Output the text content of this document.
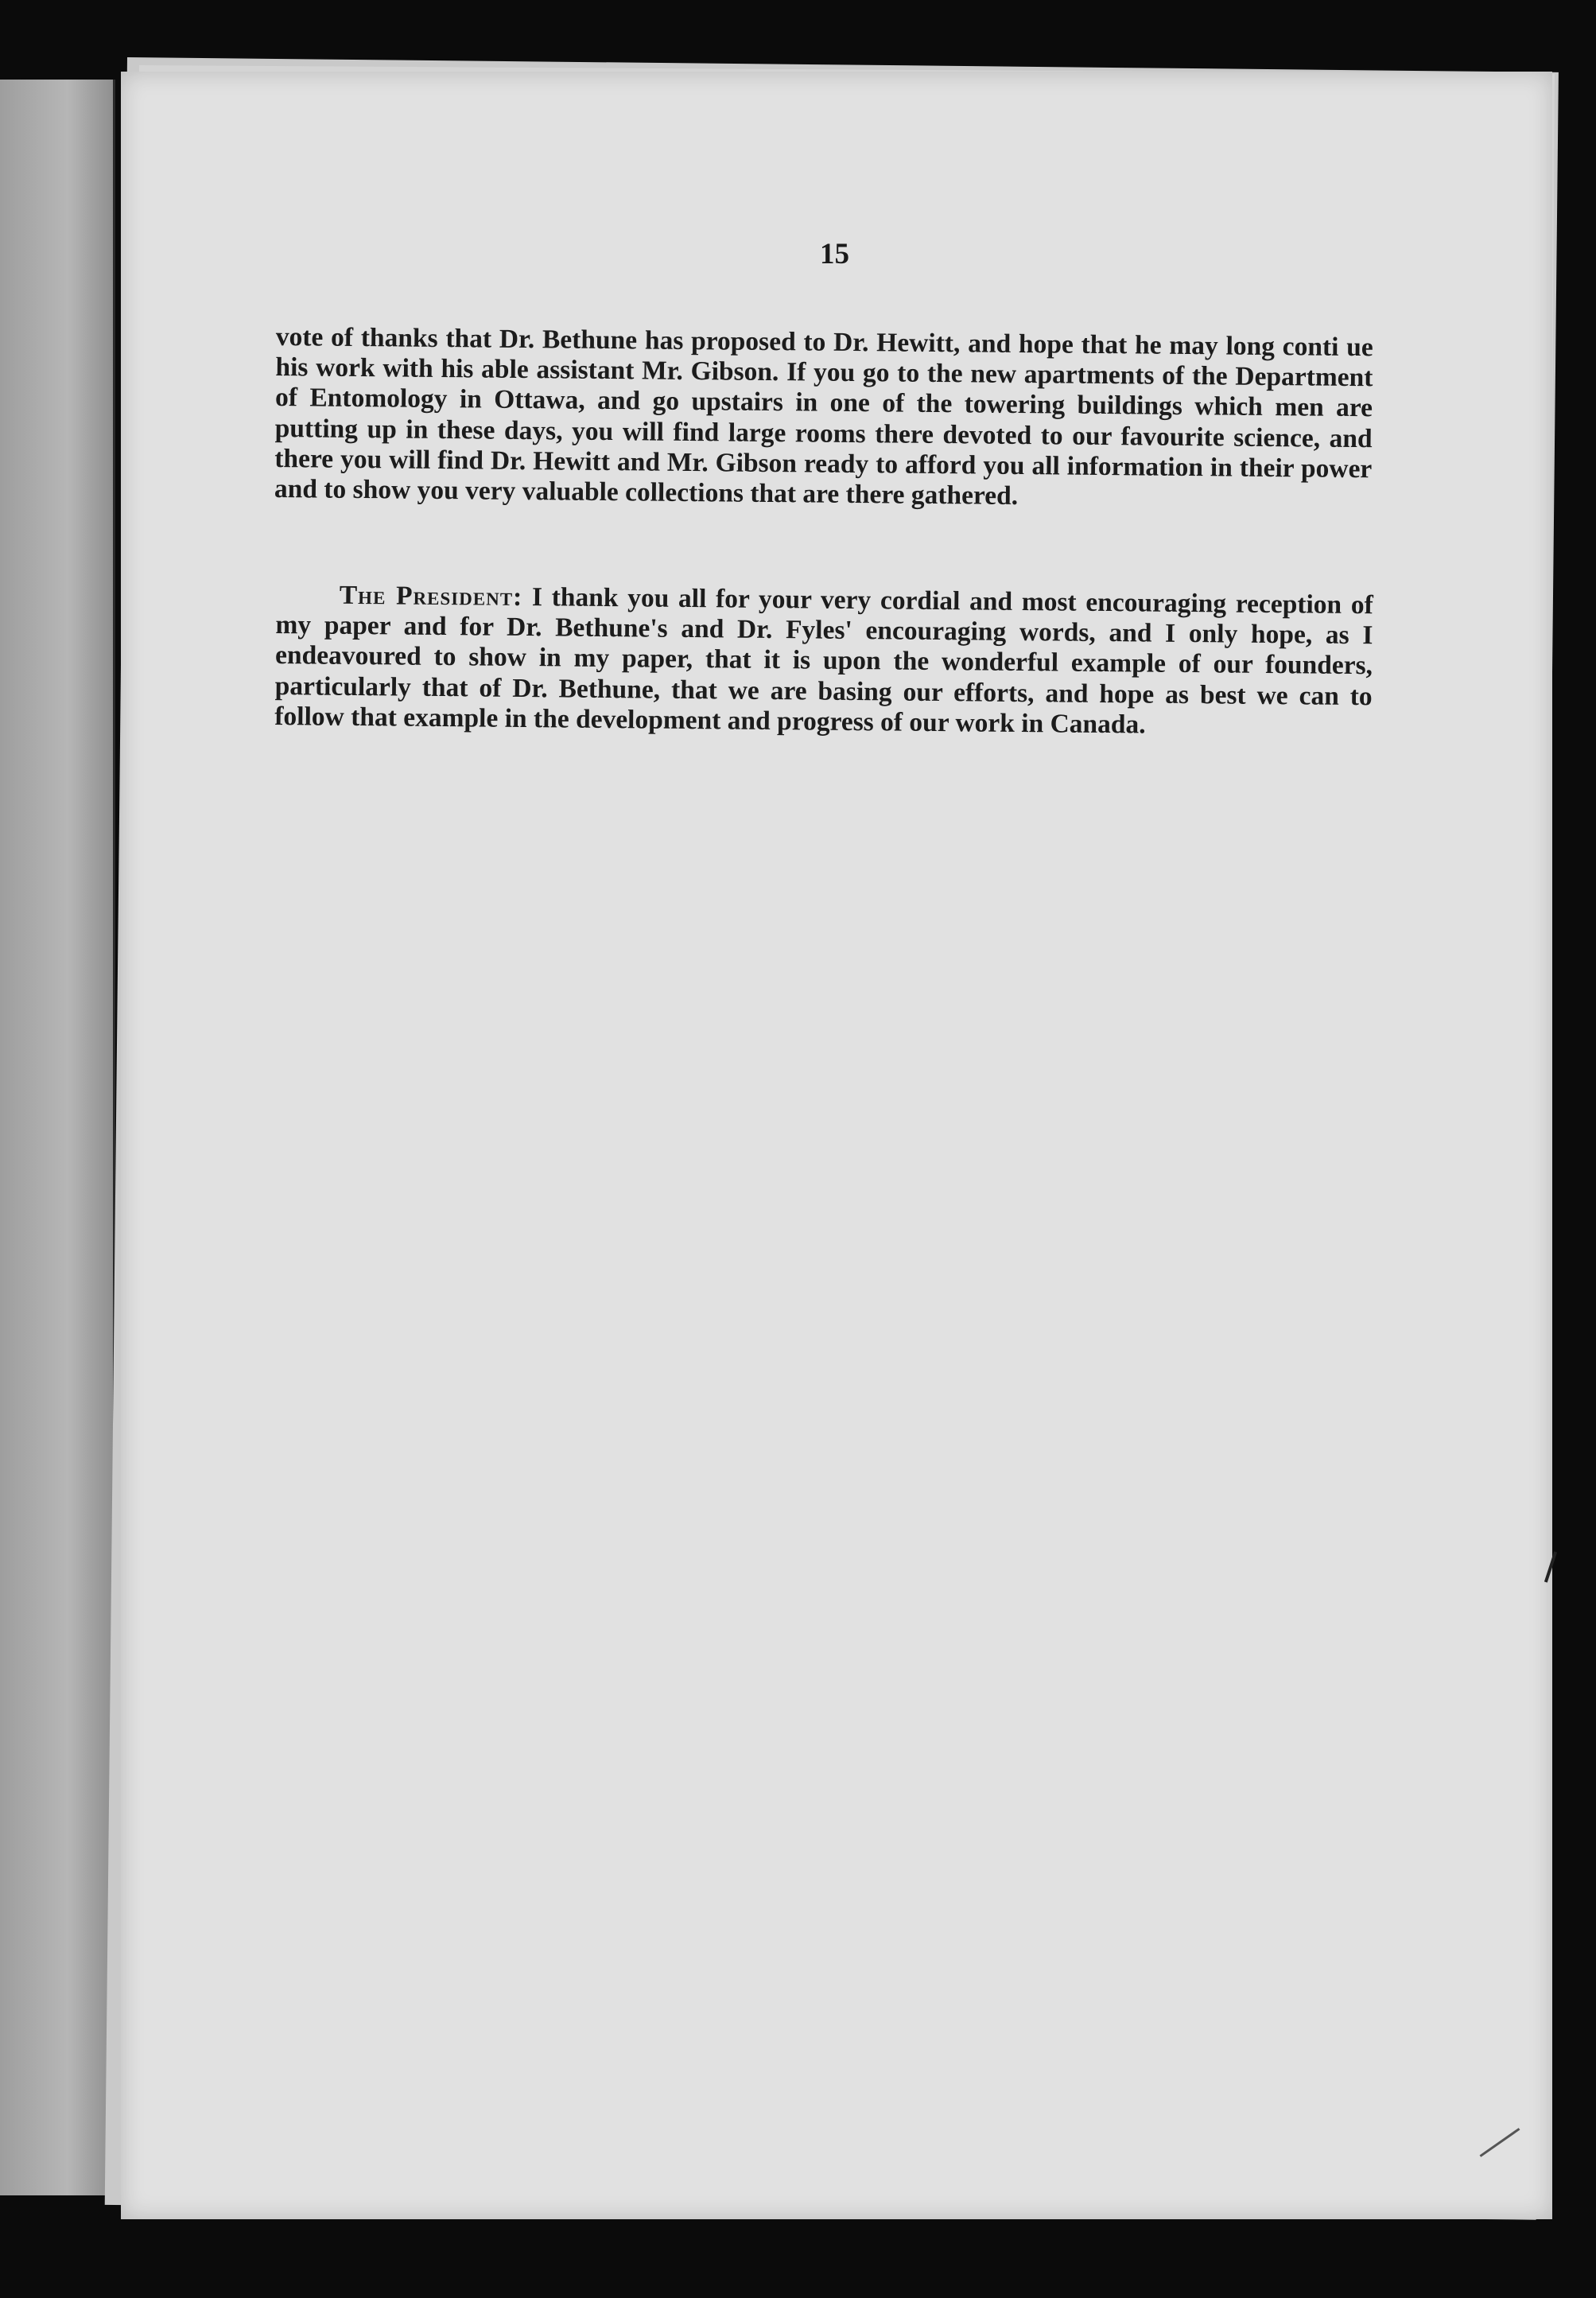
15

vote of thanks that Dr. Bethune has proposed to Dr. Hewitt, and hope that he may long conti ue his work with his able assistant Mr. Gibson. If you go to the new apartments of the Department of Entomology in Ottawa, and go upstairs in one of the towering buildings which men are putting up in these days, you will find large rooms there devoted to our favourite science, and there you will find Dr. Hewitt and Mr. Gibson ready to afford you all information in their power and to show you very valuable collections that are there gathered.

The President: I thank you all for your very cordial and most encouraging reception of my paper and for Dr. Bethune's and Dr. Fyles' encouraging words, and I only hope, as I endeavoured to show in my paper, that it is upon the wonderful example of our founders, particularly that of Dr. Bethune, that we are basing our efforts, and hope as best we can to follow that example in the development and progress of our work in Canada.
